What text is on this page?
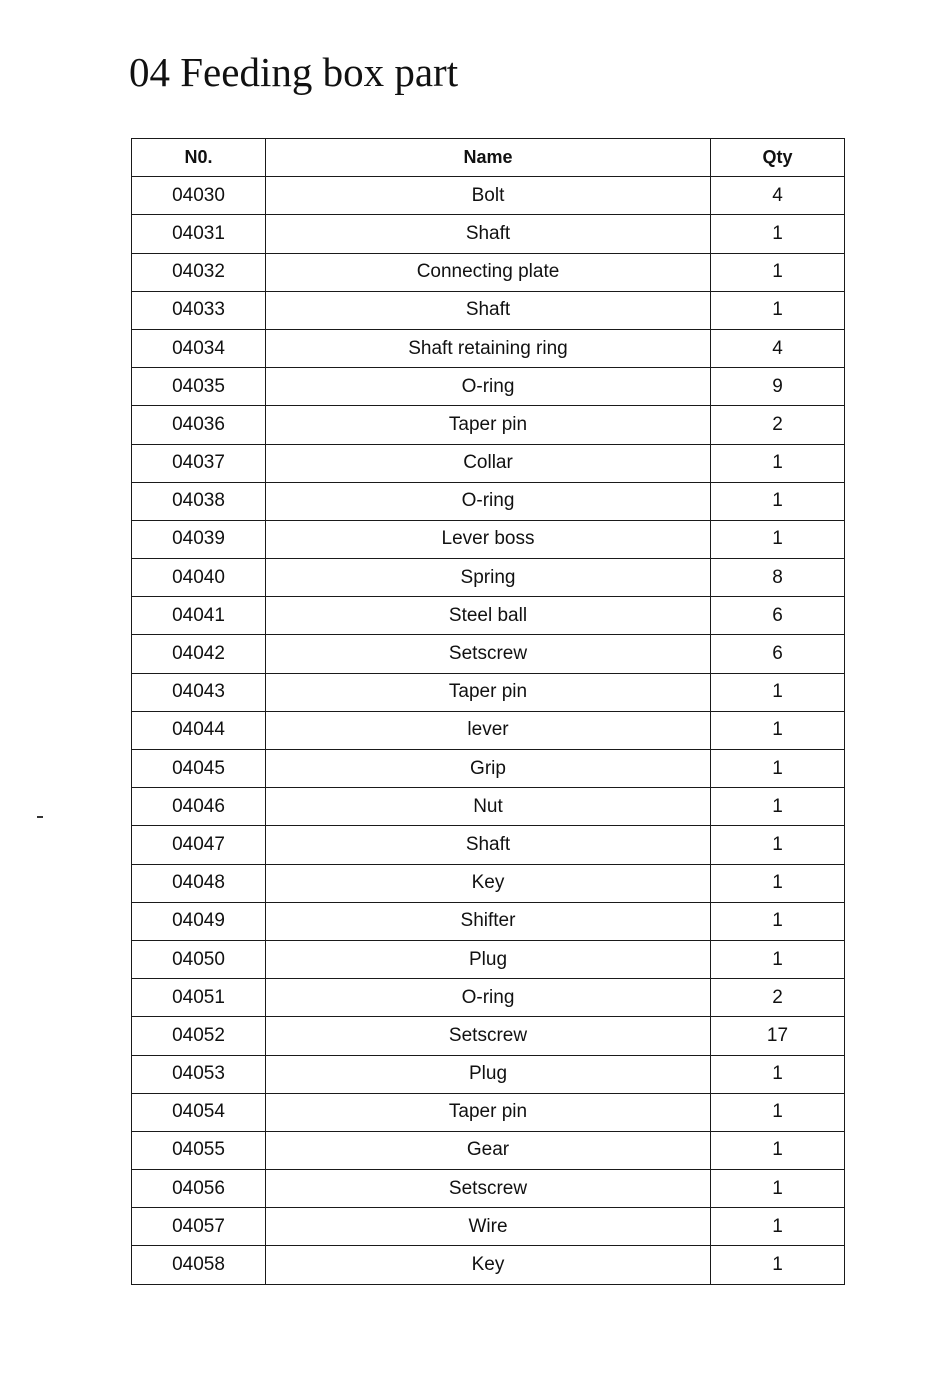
04 Feeding box part
N0.	Name	Qty
04030	Bolt	4
04031	Shaft	1
04032	Connecting plate	1
04033	Shaft	1
04034	Shaft retaining ring	4
04035	O-ring	9
04036	Taper pin	2
04037	Collar	1
04038	O-ring	1
04039	Lever boss	1
04040	Spring	8
04041	Steel ball	6
04042	Setscrew	6
04043	Taper pin	1
04044	lever	1
04045	Grip	1
04046	Nut	1
04047	Shaft	1
04048	Key	1
04049	Shifter	1
04050	Plug	1
04051	O-ring	2
04052	Setscrew	17
04053	Plug	1
04054	Taper pin	1
04055	Gear	1
04056	Setscrew	1
04057	Wire	1
04058	Key	1
